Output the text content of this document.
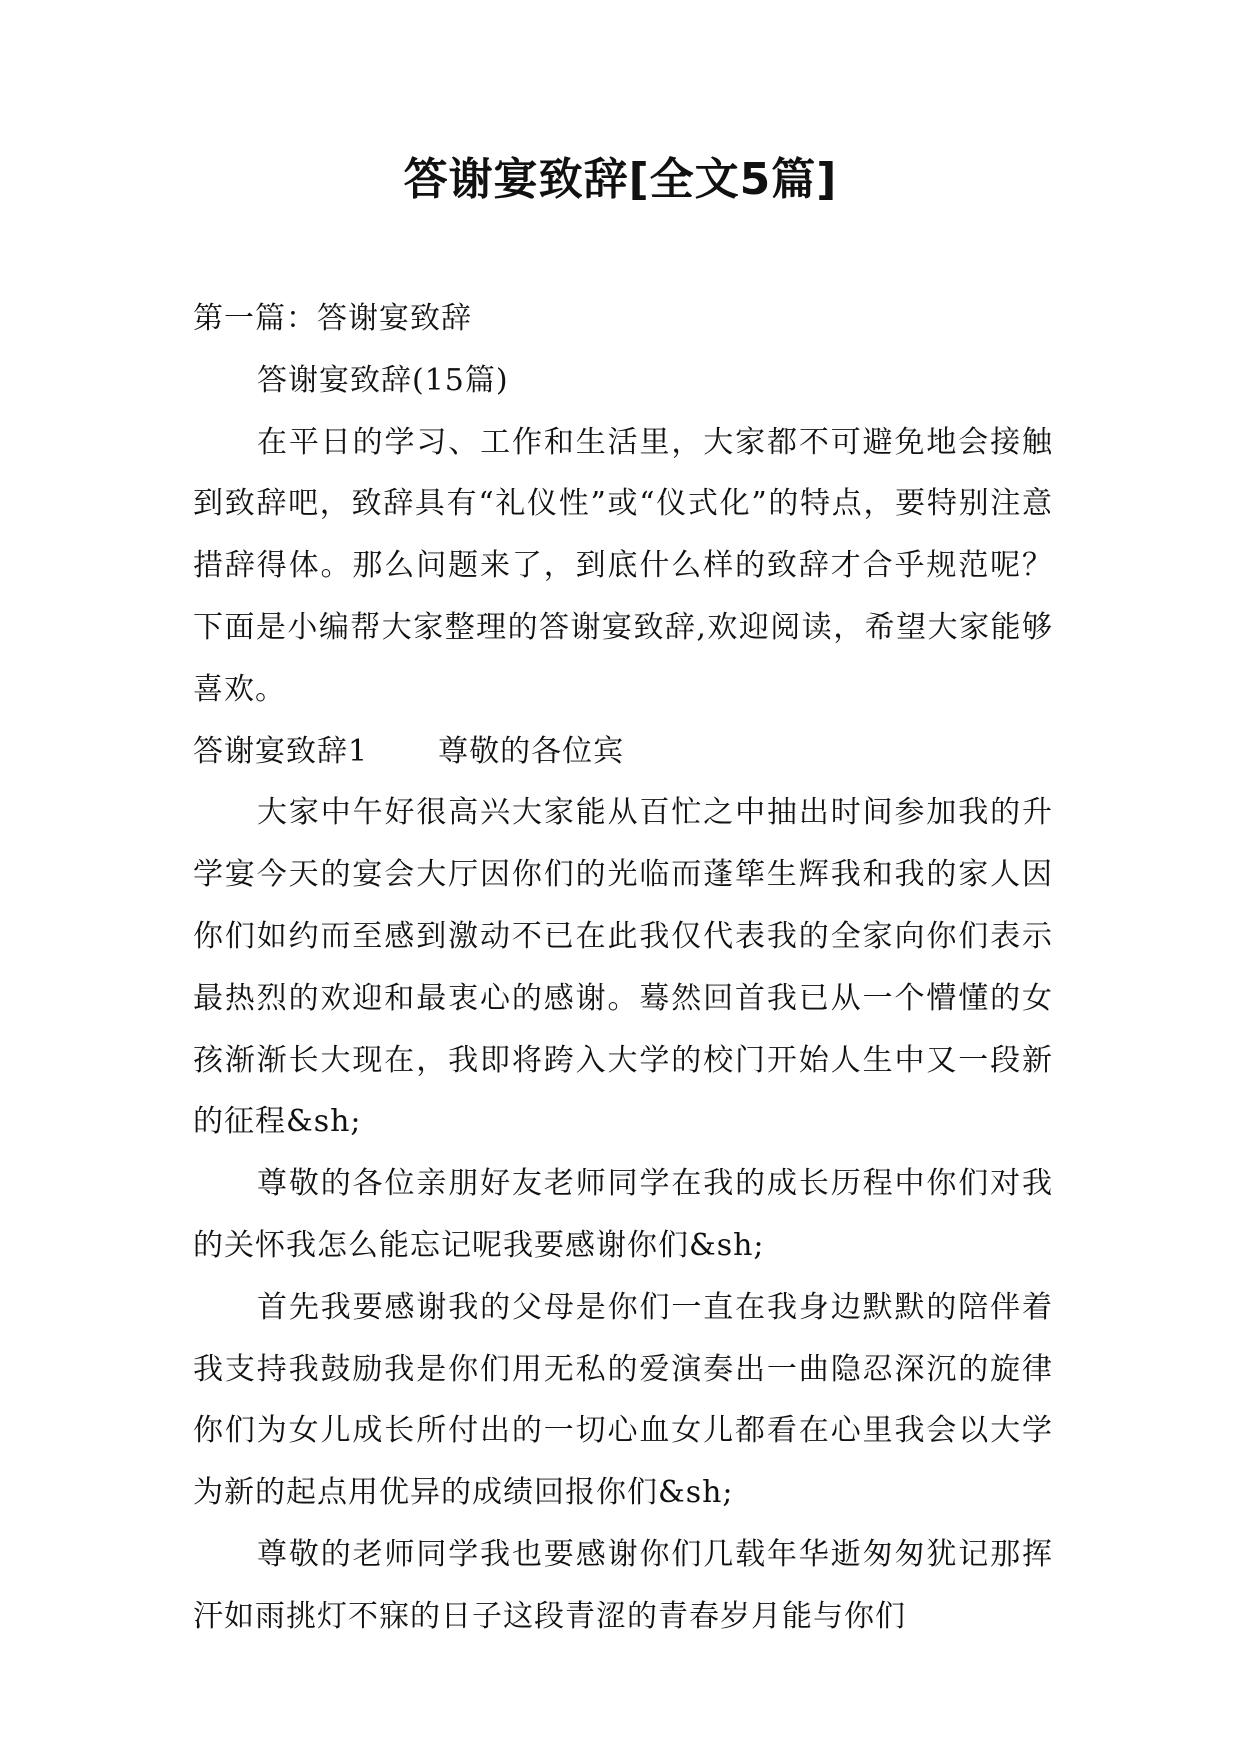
答谢宴致辞[全文5篇]

第一篇：答谢宴致辞

答谢宴致辞(15篇)

在平日的学习、工作和生活里，大家都不可避免地会接触到致辞吧，致辞具有“礼仪性”或“仪式化”的特点，要特别注意措辞得体。那么问题来了，到底什么样的致辞才合乎规范呢？下面是小编帮大家整理的答谢宴致辞,欢迎阅读，希望大家能够喜欢。

答谢宴致辞1 尊敬的各位宾

大家中午好很高兴大家能从百忙之中抽出时间参加我的升学宴今天的宴会大厅因你们的光临而蓬筚生辉我和我的家人因你们如约而至感到激动不已在此我仅代表我的全家向你们表示最热烈的欢迎和最衷心的感谢。蓦然回首我已从一个懵懂的女孩渐渐长大现在，我即将跨入大学的校门开始人生中又一段新的征程&sh;

尊敬的各位亲朋好友老师同学在我的成长历程中你们对我的关怀我怎么能忘记呢我要感谢你们&sh;

首先我要感谢我的父母是你们一直在我身边默默的陪伴着我支持我鼓励我是你们用无私的爱演奏出一曲隐忍深沉的旋律你们为女儿成长所付出的一切心血女儿都看在心里我会以大学为新的起点用优异的成绩回报你们&sh;

尊敬的老师同学我也要感谢你们几载年华逝匆匆犹记那挥汗如雨挑灯不寐的日子这段青涩的青春岁月能与你们
